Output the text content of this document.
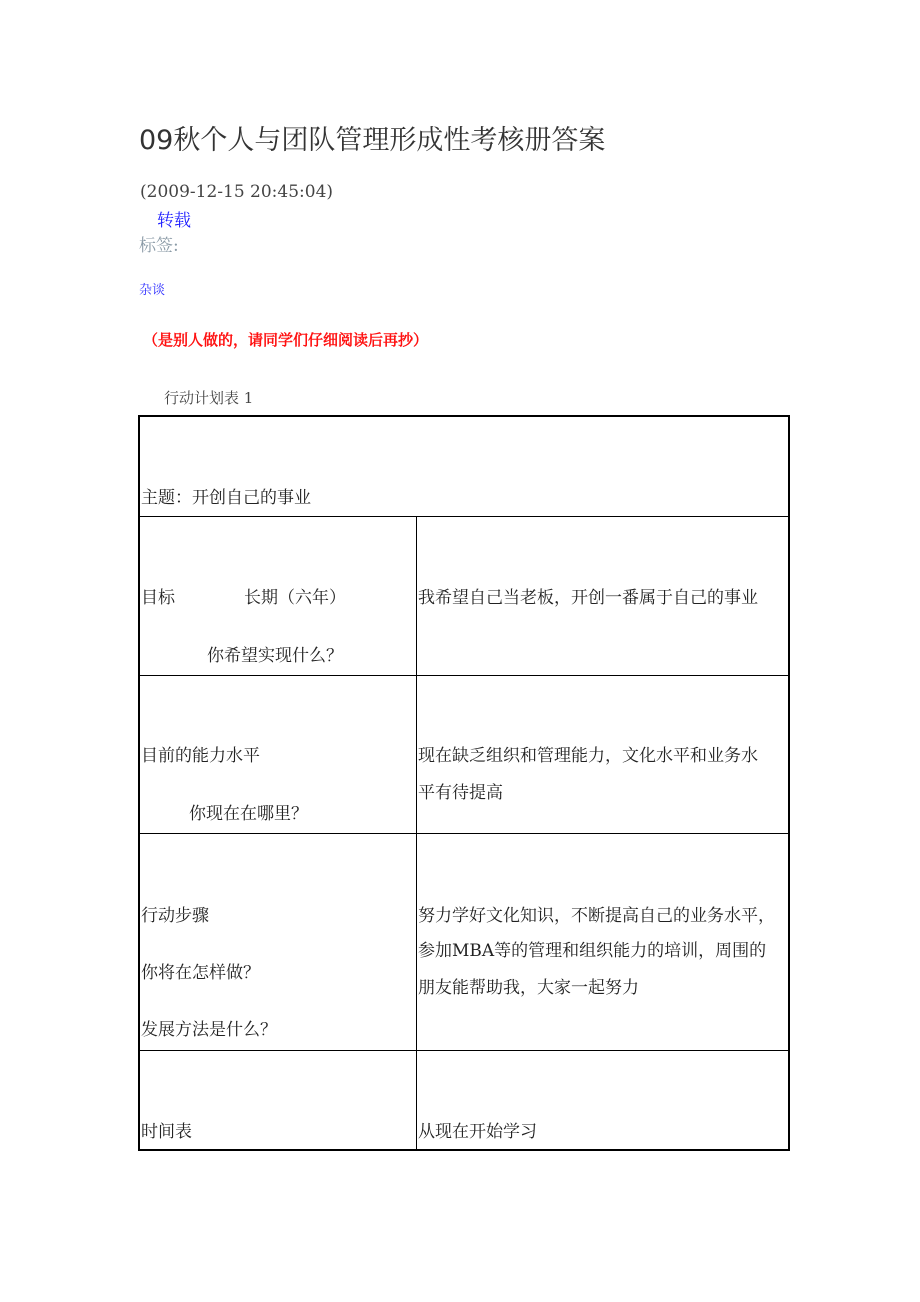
09秋个人与团队管理形成性考核册答案
(2009-12-15 20:45:04)
转载
标签:
杂谈
（是别人做的，请同学们仔细阅读后再抄）
行动计划表 1
主题：开创自己的事业
目标	长期（六年）
你希望实现什么？
我希望自己当老板，开创一番属于自己的事业
目前的能力水平
你现在在哪里？
现在缺乏组织和管理能力，文化水平和业务水
平有待提高
行动步骤
你将在怎样做？
发展方法是什么？
努力学好文化知识，不断提高自己的业务水平，
参加MBA等的管理和组织能力的培训，周围的
朋友能帮助我，大家一起努力
时间表	从现在开始学习
